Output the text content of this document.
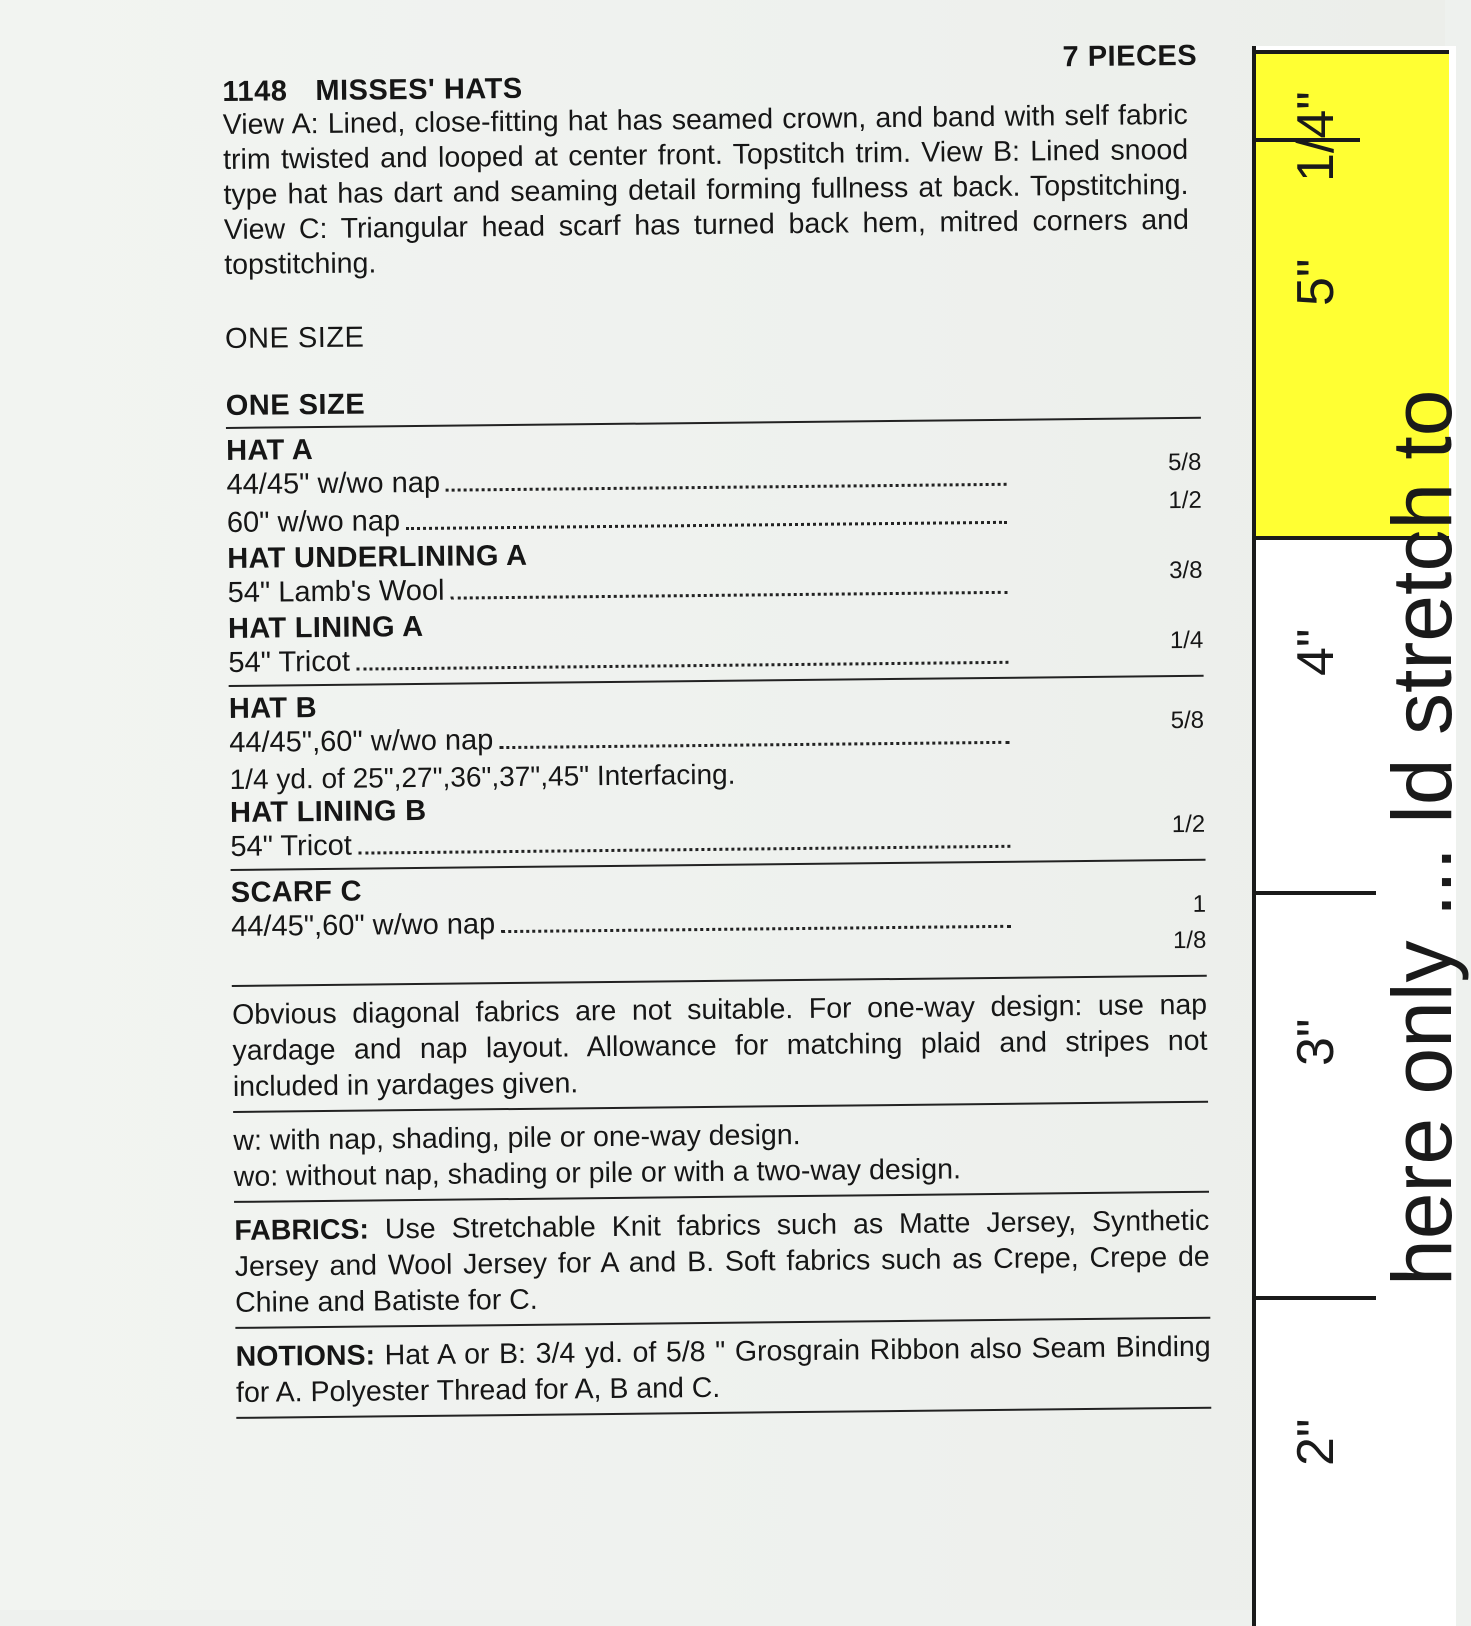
1148 MISSES' HATS
7 PIECES

View A: Lined, close-fitting hat has seamed crown, and band with self fabric trim twisted and looped at center front. Topstitch trim. View B: Lined snood type hat has dart and seaming detail forming fullness at back. Topstitching. View C: Triangular head scarf has turned back hem, mitred corners and topstitching.

ONE SIZE
ONE SIZE
HAT A
44/45" w/wo nap
5/8
60" w/wo nap
1/2
HAT UNDERLINING A
54" Lamb's Wool
3/8
HAT LINING A
54" Tricot
1/4
HAT B
44/45",60" w/wo nap
5/8
1/4 yd. of 25",27",36",37",45" Interfacing.
HAT LINING B
54" Tricot
1/2
SCARF C
44/45",60" w/wo nap
1 1/8

Obvious diagonal fabrics are not suitable. For one-way design: use nap yardage and nap layout. Allowance for matching plaid and stripes not included in yardages given.

w: with nap, shading, pile or one-way design.
wo: without nap, shading or pile or with a two-way design.

FABRICS: Use Stretchable Knit fabrics such as Matte Jersey, Synthetic Jersey and Wool Jersey for A and B. Soft fabrics such as Crepe, Crepe de Chine and Batiste for C.

NOTIONS: Hat A or B: 3/4 yd. of 5/8 " Grosgrain Ribbon also Seam Binding for A. Polyester Thread for A, B and C.

1/4"
5"
4"
3"
2"
here only ... ld stretch to
